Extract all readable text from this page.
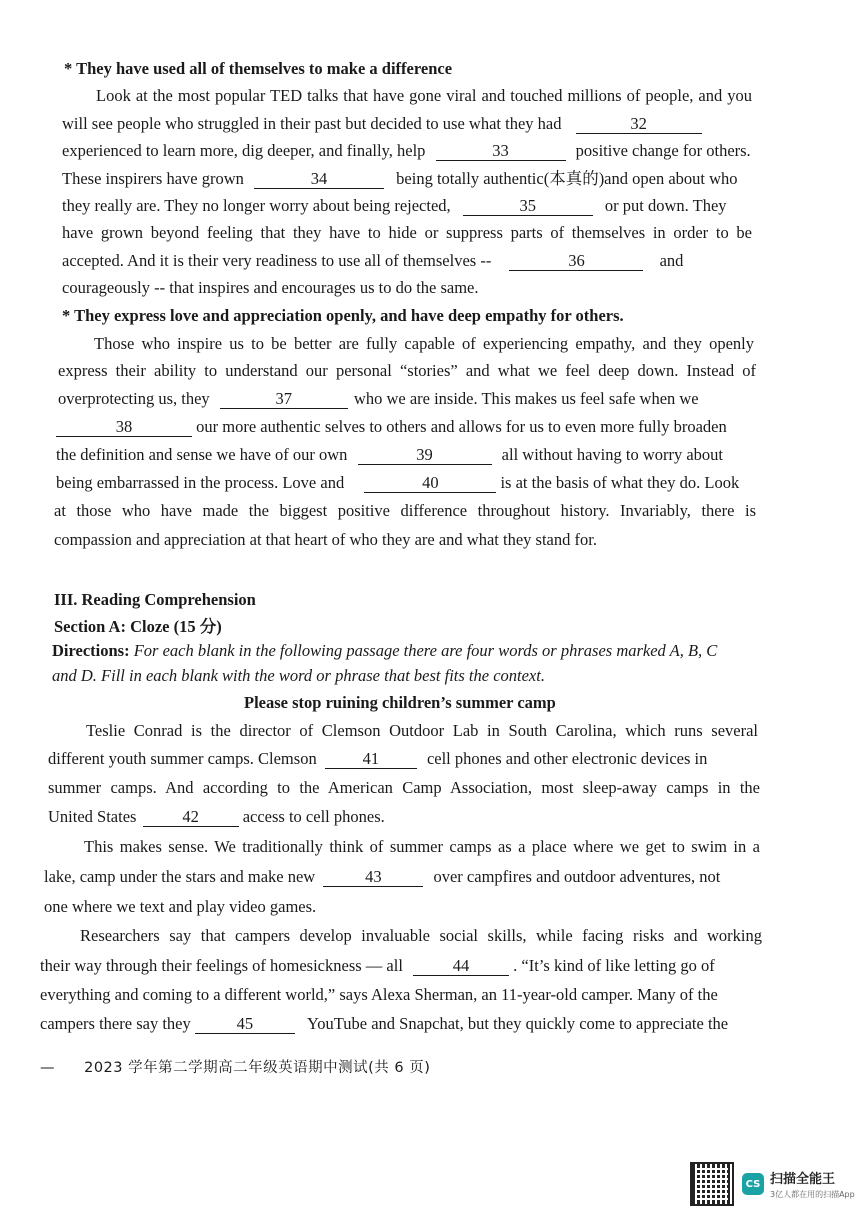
* They have used all of themselves to make a difference
Look at the most popular TED talks that have gone viral and touched millions of people, and you
will see people who struggled in their past but decided to use what they had	32
experienced to learn more, dig deeper, and finally, help	33	positive change for others.
These inspirers have grown	34	being totally authentic(本真的)and open about who
they really are. They no longer worry about being rejected,	35	or put down. They
have grown beyond feeling that they have to hide or suppress parts of themselves in order to be
accepted. And it is their very readiness to use all of themselves --	36	and
courageously -- that inspires and encourages us to do the same.
* They express love and appreciation openly, and have deep empathy for others.
Those who inspire us to be better are fully capable of experiencing empathy, and they openly
express their ability to understand our personal “stories” and what we feel deep down. Instead of
overprotecting us, they	37	who we are inside. This makes us feel safe when we
38	our more authentic selves to others and allows for us to even more fully broaden
the definition and sense we have of our own	39	all without having to worry about
being embarrassed in the process. Love and	40	is at the basis of what they do. Look
at those who have made the biggest positive difference throughout history. Invariably, there is
compassion and appreciation at that heart of who they are and what they stand for.
III. Reading Comprehension
Section A: Cloze (15 分)
Directions: For each blank in the following passage there are four words or phrases marked A, B, C
and D. Fill in each blank with the word or phrase that best fits the context.
Please stop ruining children’s summer camp
Teslie Conrad is the director of Clemson Outdoor Lab in South Carolina, which runs several
different youth summer camps. Clemson	41	cell phones and other electronic devices in
summer camps. And according to the American Camp Association, most sleep-away camps in the
United States	42	access to cell phones.
This makes sense. We traditionally think of summer camps as a place where we get to swim in a
lake, camp under the stars and make new	43	over campfires and outdoor adventures, not
one where we text and play video games.
Researchers say that campers develop invaluable social skills, while facing risks and working
their way through their feelings of homesickness — all	44	. “It’s kind of like letting go of
everything and coming to a different world,” says Alexa Sherman, an 11-year-old camper. Many of the
campers there say they	45	YouTube and Snapchat, but they quickly come to appreciate the
— 2023 学年第二学期高二年级英语期中测试(共 6 页)
CS 扫描全能王
3亿人都在用的扫描App
